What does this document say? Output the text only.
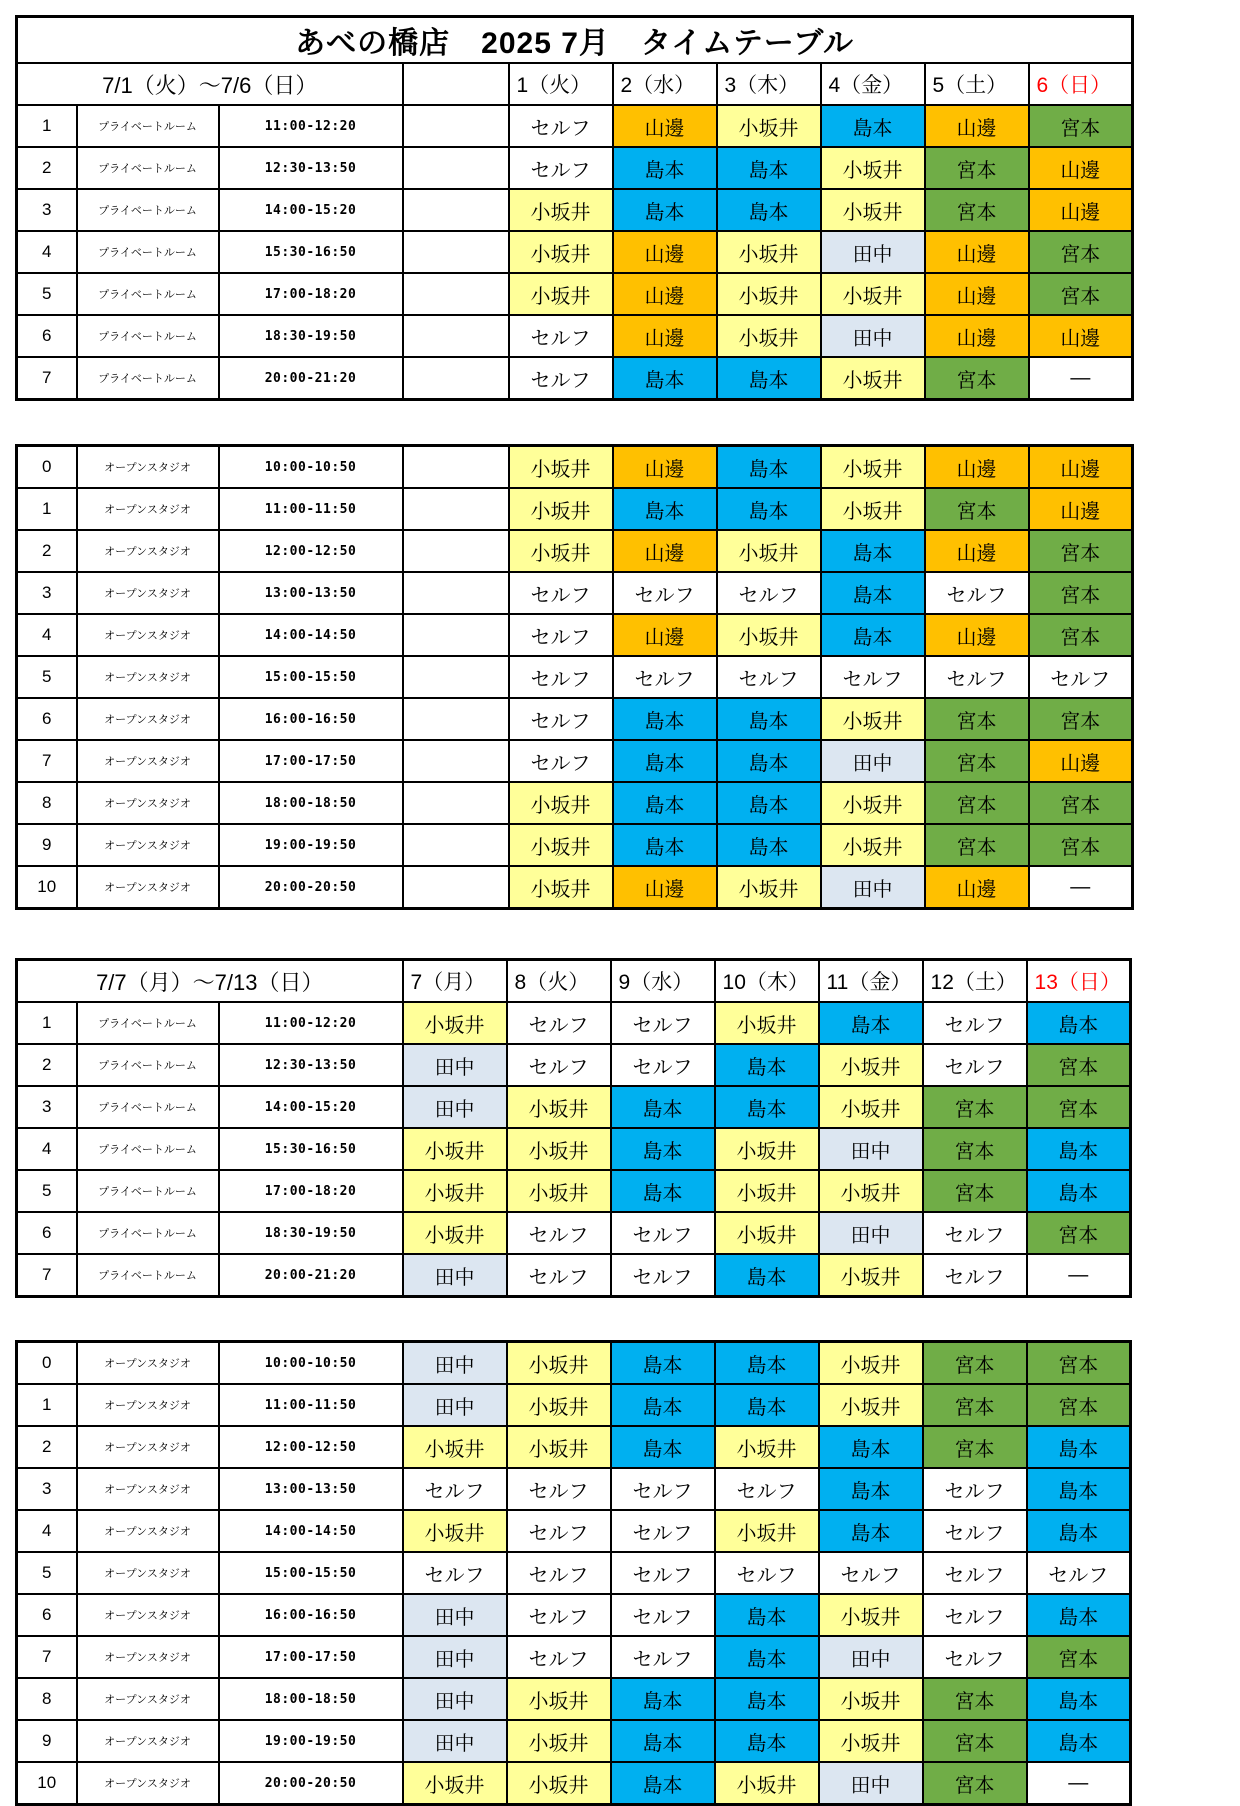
あべの橋店　2025 7月　タイムテーブル									
7/1（火）～7/6（日）				1（火）	2（水）	3（木）	4（金）	5（土）	6（日）
1	プライベートルーム	11:00-12:20		セルフ	山邊	小坂井	島本	山邊	宮本
2	プライベートルーム	12:30-13:50		セルフ	島本	島本	小坂井	宮本	山邊
3	プライベートルーム	14:00-15:20		小坂井	島本	島本	小坂井	宮本	山邊
4	プライベートルーム	15:30-16:50		小坂井	山邊	小坂井	田中	山邊	宮本
5	プライベートルーム	17:00-18:20		小坂井	山邊	小坂井	小坂井	山邊	宮本
6	プライベートルーム	18:30-19:50		セルフ	山邊	小坂井	田中	山邊	山邊
7	プライベートルーム	20:00-21:20		セルフ	島本	島本	小坂井	宮本	—
0	オープンスタジオ	10:00-10:50		小坂井	山邊	島本	小坂井	山邊	山邊
1	オープンスタジオ	11:00-11:50		小坂井	島本	島本	小坂井	宮本	山邊
2	オープンスタジオ	12:00-12:50		小坂井	山邊	小坂井	島本	山邊	宮本
3	オープンスタジオ	13:00-13:50		セルフ	セルフ	セルフ	島本	セルフ	宮本
4	オープンスタジオ	14:00-14:50		セルフ	山邊	小坂井	島本	山邊	宮本
5	オープンスタジオ	15:00-15:50		セルフ	セルフ	セルフ	セルフ	セルフ	セルフ
6	オープンスタジオ	16:00-16:50		セルフ	島本	島本	小坂井	宮本	宮本
7	オープンスタジオ	17:00-17:50		セルフ	島本	島本	田中	宮本	山邊
8	オープンスタジオ	18:00-18:50		小坂井	島本	島本	小坂井	宮本	宮本
9	オープンスタジオ	19:00-19:50		小坂井	島本	島本	小坂井	宮本	宮本
10	オープンスタジオ	20:00-20:50		小坂井	山邊	小坂井	田中	山邊	—
7/7（月）～7/13（日）			7（月）	8（火）	9（水）	10（木）	11（金）	12（土）	13（日）
1	プライベートルーム	11:00-12:20	小坂井	セルフ	セルフ	小坂井	島本	セルフ	島本
2	プライベートルーム	12:30-13:50	田中	セルフ	セルフ	島本	小坂井	セルフ	宮本
3	プライベートルーム	14:00-15:20	田中	小坂井	島本	島本	小坂井	宮本	宮本
4	プライベートルーム	15:30-16:50	小坂井	小坂井	島本	小坂井	田中	宮本	島本
5	プライベートルーム	17:00-18:20	小坂井	小坂井	島本	小坂井	小坂井	宮本	島本
6	プライベートルーム	18:30-19:50	小坂井	セルフ	セルフ	小坂井	田中	セルフ	宮本
7	プライベートルーム	20:00-21:20	田中	セルフ	セルフ	島本	小坂井	セルフ	—
0	オープンスタジオ	10:00-10:50	田中	小坂井	島本	島本	小坂井	宮本	宮本
1	オープンスタジオ	11:00-11:50	田中	小坂井	島本	島本	小坂井	宮本	宮本
2	オープンスタジオ	12:00-12:50	小坂井	小坂井	島本	小坂井	島本	宮本	島本
3	オープンスタジオ	13:00-13:50	セルフ	セルフ	セルフ	セルフ	島本	セルフ	島本
4	オープンスタジオ	14:00-14:50	小坂井	セルフ	セルフ	小坂井	島本	セルフ	島本
5	オープンスタジオ	15:00-15:50	セルフ	セルフ	セルフ	セルフ	セルフ	セルフ	セルフ
6	オープンスタジオ	16:00-16:50	田中	セルフ	セルフ	島本	小坂井	セルフ	島本
7	オープンスタジオ	17:00-17:50	田中	セルフ	セルフ	島本	田中	セルフ	宮本
8	オープンスタジオ	18:00-18:50	田中	小坂井	島本	島本	小坂井	宮本	島本
9	オープンスタジオ	19:00-19:50	田中	小坂井	島本	島本	小坂井	宮本	島本
10	オープンスタジオ	20:00-20:50	小坂井	小坂井	島本	小坂井	田中	宮本	—
